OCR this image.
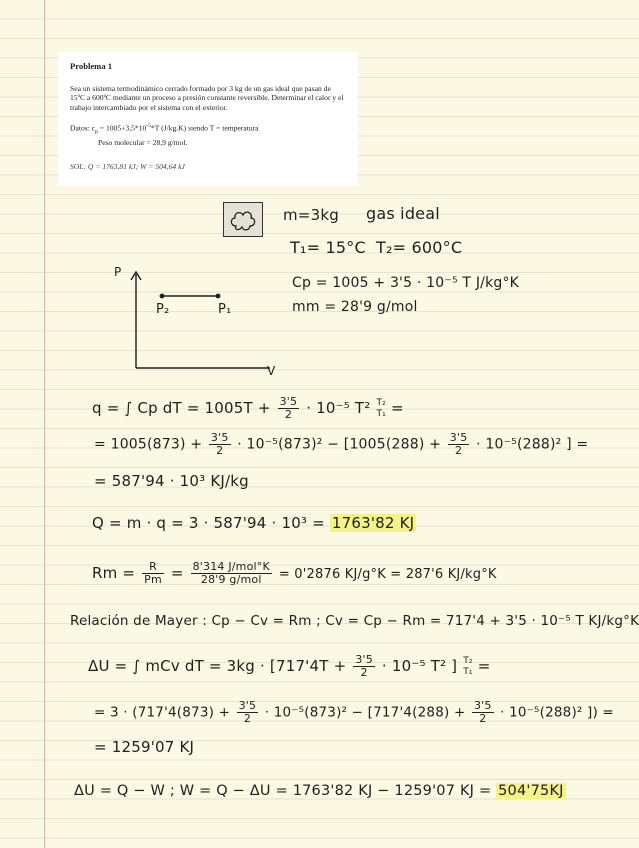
Problema 1
Sea un sistema termodinámico cerrado formado por 3 kg de un gas ideal que pasan de 15ºC a 600ºC mediante un proceso a presión constante reversible. Determinar el calor y el trabajo intercambiado por el sistema con el exterior.
Datos: $c_p = 1005+3,5*10^{-5}*T$ (J/kg.K) siendo T = temperatura
Peso molecular = 28,9 g/mol.
SOL: Q = 1763,81 kJ; W = 504,64 kJ
m=3kg gas ideal
T₁= 15°C T₂= 600°C
Cp = 1005 + 3'5 · 10⁻⁵ T J/kg°K
mm = 28'9 g/mol
P
V
P₂	P₁
q = ∫ Cp dT = $1005T + \frac{3'5}{2} \cdot 10^{-5}$ T² T₂
T₁ =
= $1005(873) + \frac{3'5}{2} \cdot 10^{-5}(873)^2 - [1005(288) + \frac{3'5}{2} \cdot 10^{-5}(288)^2$ ] =
= 587'94 · 10³ KJ/kg
Q = m · q = 3 · 587'94 · 10³ = 1763'82 KJ
$Rm = \frac{R}{Pm} = \frac{\text{8'314 J/mol°K}}{\text{28'9 g/mol}} = 0'2876$ KJ/g°K = 287'6 KJ/kg°K
Relación de Mayer : Cp − Cv = Rm ; Cv = Cp − Rm = 717'4 + 3'5 · 10⁻⁵ T KJ/kg°K
ΔU = ∫ mCv dT = $3kg \cdot [717'4T + \frac{3'5}{2} \cdot 10^{-5}$ T² ] T₂
T₁ =
= $3 \cdot (717'4(873) + \frac{3'5}{2} \cdot 10^{-5}(873)^2 - [717'4(288) + \frac{3'5}{2} \cdot 10^{-5}(288)^2$ ]) =
= 1259'07 KJ
ΔU = Q − W ; W = Q − ΔU = 1763'82 KJ − 1259'07 KJ = 504'75KJ
